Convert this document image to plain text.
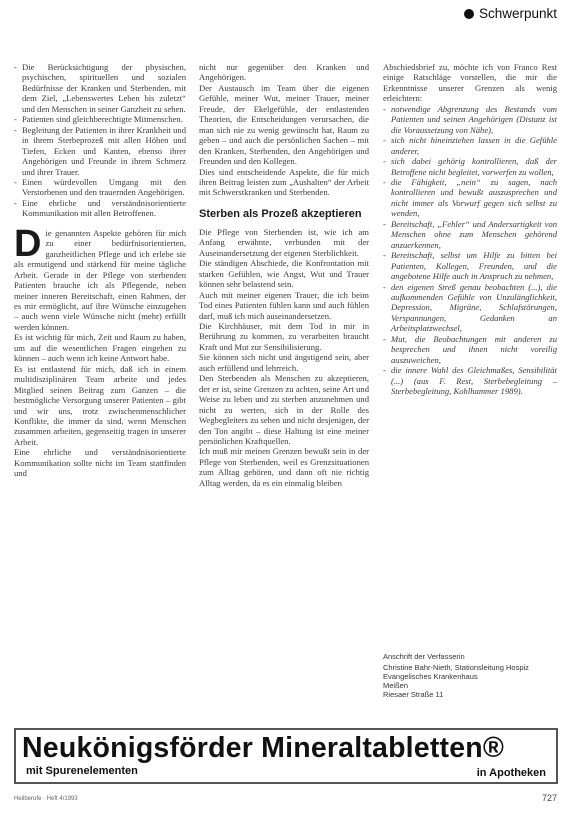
Schwerpunkt
- Die Berücksichtigung der physischen, psychischen, spirituellen und sozialen Bedürfnisse der Kranken und Sterbenden, mit dem Ziel, „Lebenswertes Leben bis zuletzt“ und den Menschen in seiner Ganzheit zu sehen.
- Patienten sind gleichberechtigte Mitmenschen.
- Begleitung der Patienten in ihrer Krankheit und in ihrem Sterbeprozeß mit allen Höhen und Tiefen, Ecken und Kanten, ebenso ihrer Angehörigen und Freunde in ihrem Schmerz und ihrer Trauer.
- Einen würdevollen Umgang mit den Verstorbenen und den trauernden Angehörigen.
- Eine ehrliche und verständnisorientierte Kommunikation mit allen Betroffenen.
D ie genannten Aspekte gehören für mich zu einer bedürfnisorientierten, ganzheitlichen Pflege und ich erlebe sie als ermutigend und stärkend für meine tägliche Arbeit. Gerade in der Pflege von sterbenden Patienten brauche ich als Pflegende, neben meiner inneren Bereitschaft, einen Rahmen, der es mir ermöglicht, auf ihre Wünsche einzugehen – auch wenn viele Wünsche nicht (mehr) erfüllt werden können.

Es ist wichtig für mich, Zeit und Raum zu haben, um auf die wesentlichen Fragen eingehen zu können – auch wenn ich keine Antwort habe.

Es ist entlastend für mich, daß ich in einem multidisziplinären Team arbeite und jedes Mitglied seinen Beitrag zum Ganzen – die bestmögliche Versorgung unserer Patienten – gibt und wir uns, trotz zwischenmenschlicher Konflikte, die immer da sind, wenn Menschen zusammen arbeiten, gegenseitig tragen in unserer Arbeit.

Eine ehrliche und verständnisorientierte Kommunikation sollte nicht im Team stattfinden und

nicht nur gegenüber den Kranken und Angehörigen.

Der Austausch im Team über die eigenen Gefühle, meiner Wut, meiner Trauer, meiner Freude, der Ekelgefühle, der entlastenden Theorien, die Entscheidungen verursachen, die man sich nie zu wenig gewünscht hat, Raum zu geben – und auch die persönlichen Sachen – mit den Kranken, Sterbenden, den Angehörigen und Freunden und den Kollegen.

Dies sind entscheidende Aspekte, die für mich ihren Beitrag leisten zum „Aushalten“ der Arbeit mit Schwerstkranken und Sterbenden.

Sterben als Prozeß akzeptieren

Die Pflege von Sterbenden ist, wie ich am Anfang erwähnte, verbunden mit der Auseinandersetzung der eigenen Sterblichkeit.

Die ständigen Abschiede, die Konfrontation mit starken Gefühlen, wie Angst, Wut und Trauer können sehr belastend sein.

Auch mit meiner eigenen Trauer, die ich beim Tod eines Patienten fühlen kann und auch fühlen darf, muß ich mich auseinandersetzen.

Die Kirchhäuser, mit dem Tod in mir in Berührung zu kommen, zu verarbeiten braucht Kraft und Mut zur Sensibilisierung.

Sie können sich nicht und ängstigend sein, aber auch erfüllend und lehrreich.

Den Sterbenden als Menschen zu akzeptieren, der er ist, seine Grenzen zu achten, seine Art und Weise zu leben und zu sterben anzunehmen und nicht zu werten, sich in der Rolle des Wegbegleiters zu sehen und nicht desjenigen, der den Ton angibt – diese Haltung ist eine meiner persönlichen Kraftquellen.

Ich muß mir meinen Grenzen bewußt sein in der Pflege von Sterbenden, weil es Grenzsituationen zum Alltag gehören, und dann oft nie richtig Alltag werden, da es ein einmalig bleiben

Abschiedsbrief zu, möchte ich von Franco Rest einige Ratschläge vorstellen, die mir die Erkenntnisse unserer Grenzen als wenig erleichtern:

- notwendige Abgrenzung des Bestands vom Patienten und seinen Angehörigen (Distanz ist die Voraussetzung von Nähe),
- sich nicht hineinziehen lassen in die Gefühle anderer,
- sich dabei gehörig kontrollieren, daß der Betroffene nicht begleitet, vorwerfen zu wollen,
- die Fähigkeit, „nein“ zu sagen, nach kontrollieren und bewußt auszusprechen und nicht immer als Vorwurf gegen sich selbst zu wenden,
- Bereitschaft, „Fehler“ und Andersartigkeit von Menschen ohne zum Menschen gehörend anzuerkennen,
- Bereitschaft, selbst um Hilfe zu bitten bei Patienten, Kollegen, Freunden, und die angebotene Hilfe auch in Anspruch zu nehmen,
- den eigenen Streß genau beobachten (...), die aufkommenden Gefühle von Unzulänglichkeit, Depression, Migräne, Schlafstörungen, Verspannungen, Gedanken an Arbeitsplatzwechsel,
- Mut, die Beobachtungen mit anderen zu besprechen und ihnen nicht voreilig auszuweichen,
- die innere Wahl des Gleichmaßes, Sensibilität (...) (aus F. Rest, Sterbebegleitung – Sterbebegleitung, Kohlhammer 1989).
Anschrift der Verfasserin
Christine Bahr-Nieth, Stationsleitung Hospiz
Evangelisches Krankenhaus
Meißen
Riesaer Straße 11
Neukönigsförder Mineraltabletten®
mit Spurenelementen	in Apotheken
Heilberufe · Heft 4/1993	727
